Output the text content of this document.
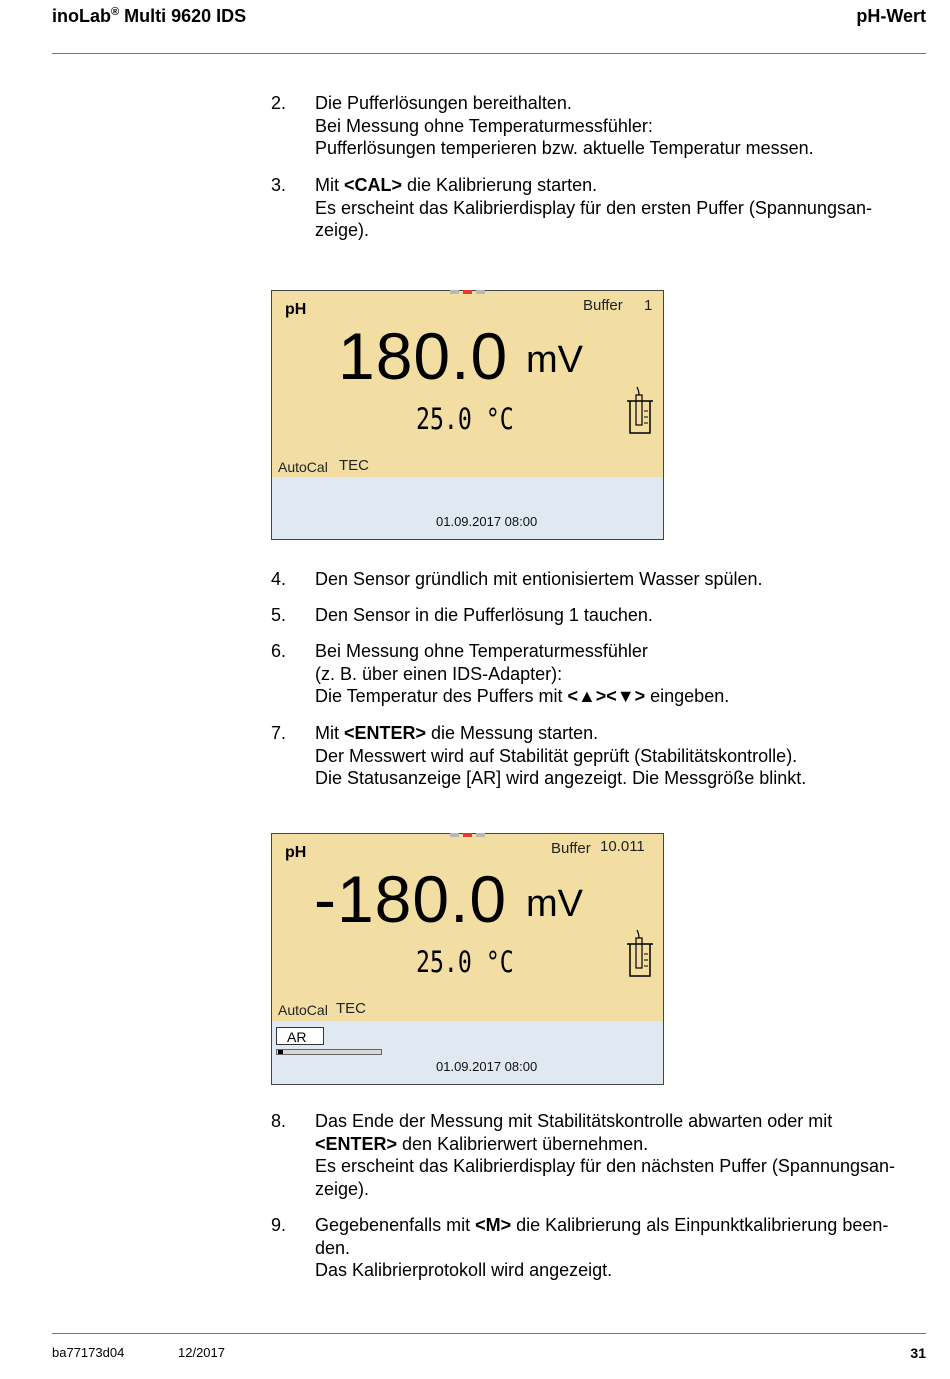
inoLab® Multi 9620 IDS	pH-Wert
2. Die Pufferlösungen bereithalten.
Bei Messung ohne Temperaturmessfühler:
Pufferlösungen temperieren bzw. aktuelle Temperatur messen.
3. Mit <CAL> die Kalibrierung starten.
Es erscheint das Kalibrierdisplay für den ersten Puffer (Spannungsan-
zeige).
pH	Buffer 1
180.0 mV
25.0 °C
AutoCal TEC
01.09.2017 08:00
4. Den Sensor gründlich mit entionisiertem Wasser spülen.
5. Den Sensor in die Pufferlösung 1 tauchen.
6. Bei Messung ohne Temperaturmessfühler
(z. B. über einen IDS-Adapter):
Die Temperatur des Puffers mit <▲><▼> eingeben.
7. Mit <ENTER> die Messung starten.
Der Messwert wird auf Stabilität geprüft (Stabilitätskontrolle).
Die Statusanzeige [AR] wird angezeigt. Die Messgröße blinkt.
pH	Buffer 10.011
-180.0 mV
25.0 °C
AutoCal TEC
AR
01.09.2017 08:00
8. Das Ende der Messung mit Stabilitätskontrolle abwarten oder mit
<ENTER> den Kalibrierwert übernehmen.
Es erscheint das Kalibrierdisplay für den nächsten Puffer (Spannungsan-
zeige).
9. Gegebenenfalls mit <M> die Kalibrierung als Einpunktkalibrierung been-
den.
Das Kalibrierprotokoll wird angezeigt.
ba77173d04	12/2017	31
